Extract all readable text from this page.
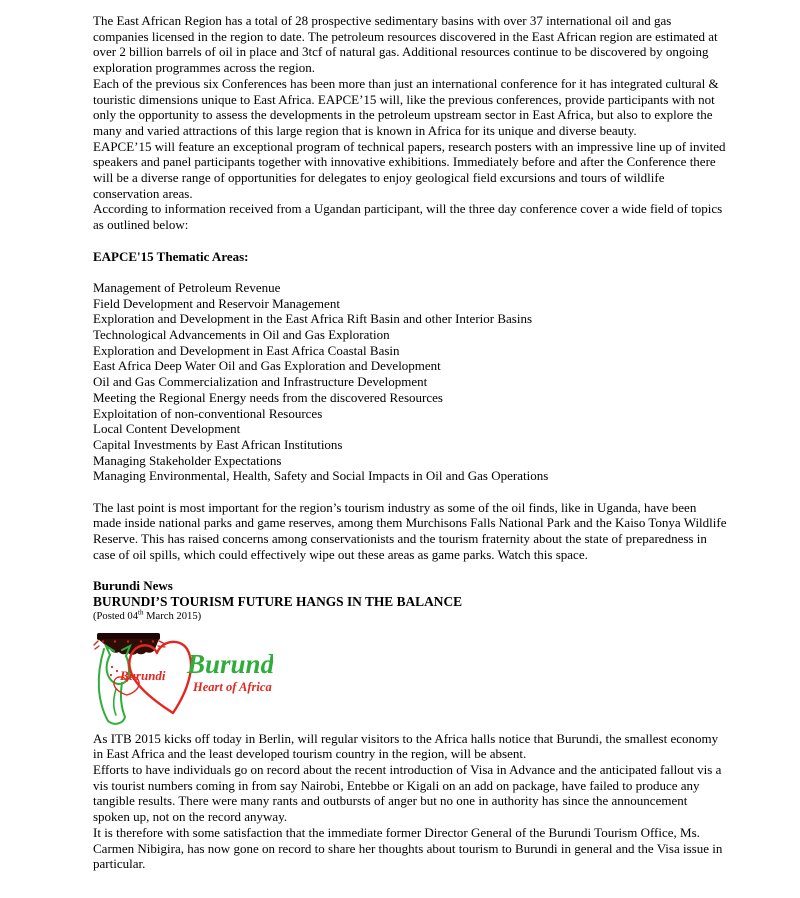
The East African Region has a total of 28 prospective sedimentary basins with over 37 international oil and gas companies licensed in the region to date. The petroleum resources discovered in the East African region are estimated at over 2 billion barrels of oil in place and 3tcf of natural gas. Additional resources continue to be discovered by ongoing exploration programmes across the region.

Each of the previous six Conferences has been more than just an international conference for it has integrated cultural & touristic dimensions unique to East Africa. EAPCE’15 will, like the previous conferences, provide participants with not only the opportunity to assess the developments in the petroleum upstream sector in East Africa, but also to explore the many and varied attractions of this large region that is known in Africa for its unique and diverse beauty.

EAPCE’15 will feature an exceptional program of technical papers, research posters with an impressive line up of invited speakers and panel participants together with innovative exhibitions. Immediately before and after the Conference there will be a diverse range of opportunities for delegates to enjoy geological field excursions and tours of wildlife conservation areas.

According to information received from a Ugandan participant, will the three day conference cover a wide field of topics as outlined below:

EAPCE'15 Thematic Areas:

Management of Petroleum Revenue
Field Development and Reservoir Management
Exploration and Development in the East Africa Rift Basin and other Interior Basins
Technological Advancements in Oil and Gas Exploration
Exploration and Development in East Africa Coastal Basin
East Africa Deep Water Oil and Gas Exploration and Development
Oil and Gas Commercialization and Infrastructure Development
Meeting the Regional Energy needs from the discovered Resources
Exploitation of non-conventional Resources
Local Content Development
Capital Investments by East African Institutions
Managing Stakeholder Expectations
Managing Environmental, Health, Safety and Social Impacts in Oil and Gas Operations

The last point is most important for the region’s tourism industry as some of the oil finds, like in Uganda, have been made inside national parks and game reserves, among them Murchisons Falls National Park and the Kaiso Tonya Wildlife Reserve. This has raised concerns among conservationists and the tourism fraternity about the state of preparedness in case of oil spills, which could effectively wipe out these areas as game parks. Watch this space.

Burundi News

BURUNDI’S TOURISM FUTURE HANGS IN THE BALANCE

(Posted 04th March 2015)

Burundi Burundi
Heart of Africa

As ITB 2015 kicks off today in Berlin, will regular visitors to the Africa halls notice that Burundi, the smallest economy in East Africa and the least developed tourism country in the region, will be absent.

Efforts to have individuals go on record about the recent introduction of Visa in Advance and the anticipated fallout vis a vis tourist numbers coming in from say Nairobi, Entebbe or Kigali on an add on package, have failed to produce any tangible results. There were many rants and outbursts of anger but no one in authority has since the announcement spoken up, not on the record anyway.

It is therefore with some satisfaction that the immediate former Director General of the Burundi Tourism Office, Ms. Carmen Nibigira, has now gone on record to share her thoughts about tourism to Burundi in general and the Visa issue in particular.
